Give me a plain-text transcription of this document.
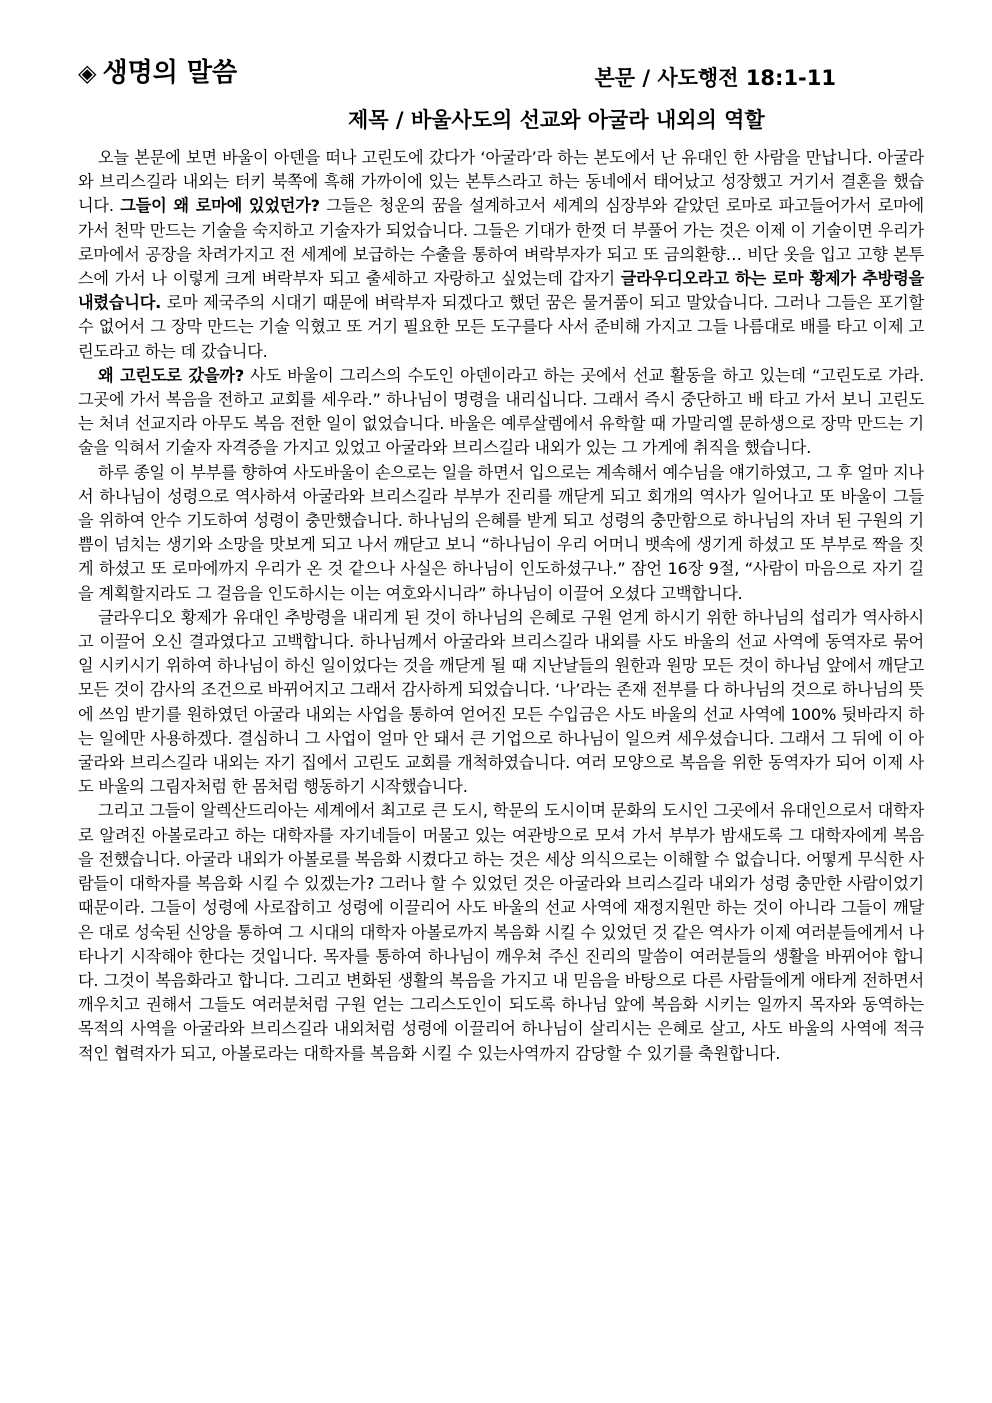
◈ 생명의 말씀	본문 / 사도행전 18:1-11
제목 / 바울사도의 선교와 아굴라 내외의 역할

오늘 본문에 보면 바울이 아덴을 떠나 고린도에 갔다가 ‘아굴라’라 하는 본도에서 난 유대인 한 사람을 만납니다. 아굴라와 브리스길라 내외는 터키 북쪽에 흑해 가까이에 있는 본투스라고 하는 동네에서 태어났고 성장했고 거기서 결혼을 했습니다. 그들이 왜 로마에 있었던가? 그들은 청운의 꿈을 설계하고서 세계의 심장부와 같았던 로마로 파고들어가서 로마에 가서 천막 만드는 기술을 숙지하고 기술자가 되었습니다. 그들은 기대가 한껏 더 부풀어 가는 것은 이제 이 기술이면 우리가 로마에서 공장을 차려가지고 전 세계에 보급하는 수출을 통하여 벼락부자가 되고 또 금의환향… 비단 옷을 입고 고향 본투스에 가서 나 이렇게 크게 벼락부자 되고 출세하고 자랑하고 싶었는데 갑자기 글라우디오라고 하는 로마 황제가 추방령을 내렸습니다. 로마 제국주의 시대기 때문에 벼락부자 되겠다고 했던 꿈은 물거품이 되고 말았습니다. 그러나 그들은 포기할 수 없어서 그 장막 만드는 기술 익혔고 또 거기 필요한 모든 도구를다 사서 준비해 가지고 그들 나름대로 배를 타고 이제 고린도라고 하는 데 갔습니다.

왜 고린도로 갔을까? 사도 바울이 그리스의 수도인 아덴이라고 하는 곳에서 선교 활동을 하고 있는데 “고린도로 가라. 그곳에 가서 복음을 전하고 교회를 세우라.” 하나님이 명령을 내리십니다. 그래서 즉시 중단하고 배 타고 가서 보니 고린도는 처녀 선교지라 아무도 복음 전한 일이 없었습니다. 바울은 예루살렘에서 유학할 때 가말리엘 문하생으로 장막 만드는 기술을 익혀서 기술자 자격증을 가지고 있었고 아굴라와 브리스길라 내외가 있는 그 가게에 취직을 했습니다.

하루 종일 이 부부를 향하여 사도바울이 손으로는 일을 하면서 입으로는 계속해서 예수님을 얘기하였고, 그 후 얼마 지나서 하나님이 성령으로 역사하셔 아굴라와 브리스길라 부부가 진리를 깨닫게 되고 회개의 역사가 일어나고 또 바울이 그들을 위하여 안수 기도하여 성령이 충만했습니다. 하나님의 은혜를 받게 되고 성령의 충만함으로 하나님의 자녀 된 구원의 기쁨이 넘치는 생기와 소망을 맛보게 되고 나서 깨닫고 보니 “하나님이 우리 어머니 뱃속에 생기게 하셨고 또 부부로 짝을 짓게 하셨고 또 로마에까지 우리가 온 것 같으나 사실은 하나님이 인도하셨구나.” 잠언 16장 9절, “사람이 마음으로 자기 길을 계획할지라도 그 걸음을 인도하시는 이는 여호와시니라” 하나님이 이끌어 오셨다 고백합니다.

글라우디오 황제가 유대인 추방령을 내리게 된 것이 하나님의 은혜로 구원 얻게 하시기 위한 하나님의 섭리가 역사하시고 이끌어 오신 결과였다고 고백합니다. 하나님께서 아굴라와 브리스길라 내외를 사도 바울의 선교 사역에 동역자로 묶어 일 시키시기 위하여 하나님이 하신 일이었다는 것을 깨닫게 될 때 지난날들의 원한과 원망 모든 것이 하나님 앞에서 깨닫고 모든 것이 감사의 조건으로 바뀌어지고 그래서 감사하게 되었습니다. ‘나’라는 존재 전부를 다 하나님의 것으로 하나님의 뜻에 쓰임 받기를 원하였던 아굴라 내외는 사업을 통하여 얻어진 모든 수입금은 사도 바울의 선교 사역에 100% 뒷바라지 하는 일에만 사용하겠다. 결심하니 그 사업이 얼마 안 돼서 큰 기업으로 하나님이 일으켜 세우셨습니다. 그래서 그 뒤에 이 아굴라와 브리스길라 내외는 자기 집에서 고린도 교회를 개척하였습니다. 여러 모양으로 복음을 위한 동역자가 되어 이제 사도 바울의 그림자처럼 한 몸처럼 행동하기 시작했습니다.

그리고 그들이 알렉산드리아는 세계에서 최고로 큰 도시, 학문의 도시이며 문화의 도시인 그곳에서 유대인으로서 대학자로 알려진 아볼로라고 하는 대학자를 자기네들이 머물고 있는 여관방으로 모셔 가서 부부가 밤새도록 그 대학자에게 복음을 전했습니다. 아굴라 내외가 아볼로를 복음화 시켰다고 하는 것은 세상 의식으로는 이해할 수 없습니다. 어떻게 무식한 사람들이 대학자를 복음화 시킬 수 있겠는가? 그러나 할 수 있었던 것은 아굴라와 브리스길라 내외가 성령 충만한 사람이었기 때문이라. 그들이 성령에 사로잡히고 성령에 이끌리어 사도 바울의 선교 사역에 재정지원만 하는 것이 아니라 그들이 깨달은 대로 성숙된 신앙을 통하여 그 시대의 대학자 아볼로까지 복음화 시킬 수 있었던 것 같은 역사가 이제 여러분들에게서 나타나기 시작해야 한다는 것입니다. 목자를 통하여 하나님이 깨우쳐 주신 진리의 말씀이 여러분들의 생활을 바뀌어야 합니다. 그것이 복음화라고 합니다. 그리고 변화된 생활의 복음을 가지고 내 믿음을 바탕으로 다른 사람들에게 애타게 전하면서 깨우치고 권해서 그들도 여러분처럼 구원 얻는 그리스도인이 되도록 하나님 앞에 복음화 시키는 일까지 목자와 동역하는 목적의 사역을 아굴라와 브리스길라 내외처럼 성령에 이끌리어 하나님이 살리시는 은혜로 살고, 사도 바울의 사역에 적극적인 협력자가 되고, 아볼로라는 대학자를 복음화 시킬 수 있는사역까지 감당할 수 있기를 축원합니다.
